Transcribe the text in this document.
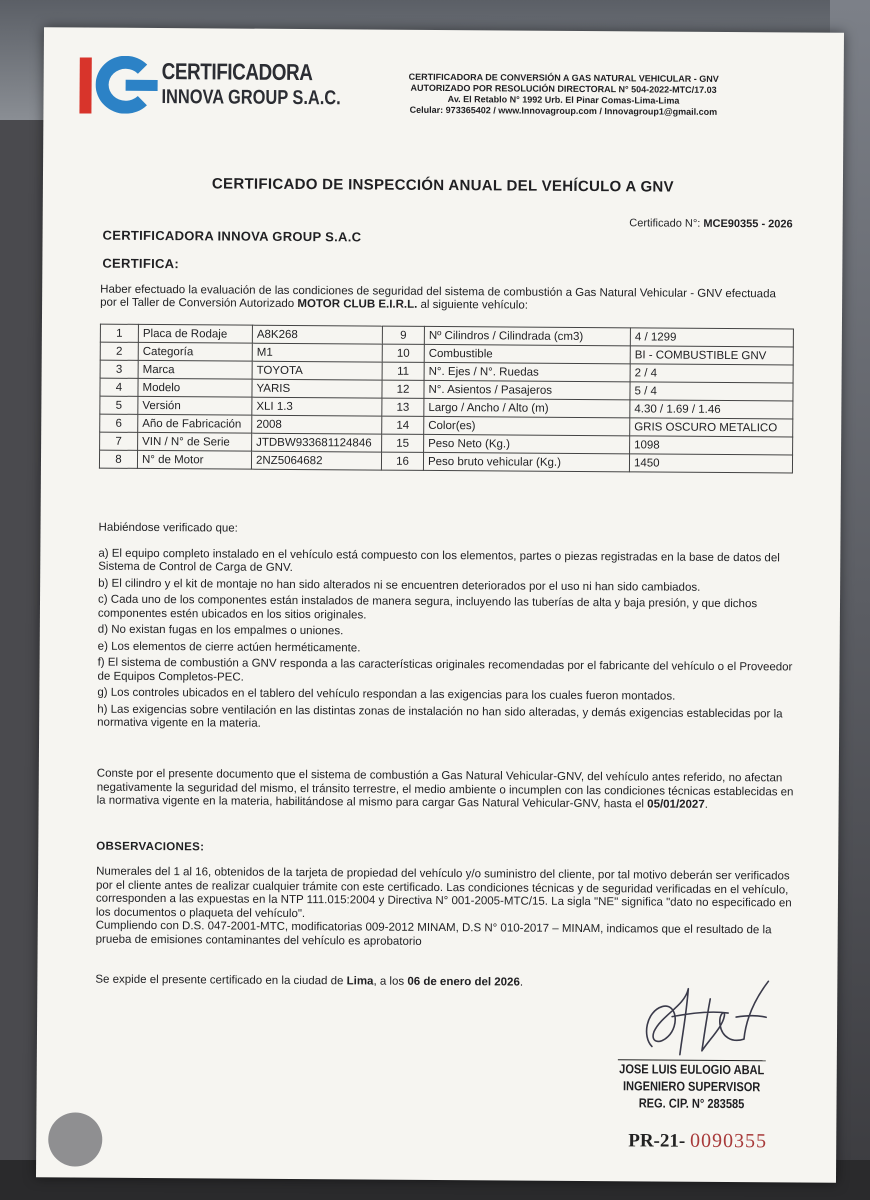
CERTIFICADORA
INNOVA GROUP S.A.C.
CERTIFICADORA DE CONVERSIÓN A GAS NATURAL VEHICULAR - GNV
AUTORIZADO POR RESOLUCIÓN DIRECTORAL N° 504-2022-MTC/17.03
Av. El Retablo N° 1992 Urb. El Pinar Comas-Lima-Lima
Celular: 973365402 / www.Innovagroup.com / Innovagroup1@gmail.com
CERTIFICADO DE INSPECCIÓN ANUAL DEL VEHÍCULO A GNV
Certificado N°: MCE90355 - 2026
CERTIFICADORA INNOVA GROUP S.A.C
CERTIFICA:
Haber efectuado la evaluación de las condiciones de seguridad del sistema de combustión a Gas Natural Vehicular - GNV efectuada por el Taller de Conversión Autorizado MOTOR CLUB E.I.R.L. al siguiente vehículo:
1	Placa de Rodaje	A8K268	9	Nº Cilindros / Cilindrada (cm3)	4 / 1299
2	Categoría	M1	10	Combustible	BI - COMBUSTIBLE GNV
3	Marca	TOYOTA	11	N°. Ejes / N°. Ruedas	2 / 4
4	Modelo	YARIS	12	N°. Asientos / Pasajeros	5 / 4
5	Versión	XLI 1.3	13	Largo / Ancho / Alto (m)	4.30 / 1.69 / 1.46
6	Año de Fabricación	2008	14	Color(es)	GRIS OSCURO METALICO
7	VIN / N° de Serie	JTDBW933681124846	15	Peso Neto (Kg.)	1098
8	N° de Motor	2NZ5064682	16	Peso bruto vehicular (Kg.)	1450

Habiéndose verificado que:

a) El equipo completo instalado en el vehículo está compuesto con los elementos, partes o piezas registradas en la base de datos del Sistema de Control de Carga de GNV.

b) El cilindro y el kit de montaje no han sido alterados ni se encuentren deteriorados por el uso ni han sido cambiados.

c) Cada uno de los componentes están instalados de manera segura, incluyendo las tuberías de alta y baja presión, y que dichos componentes estén ubicados en los sitios originales.

d) No existan fugas en los empalmes o uniones.

e) Los elementos de cierre actúen herméticamente.

f) El sistema de combustión a GNV responda a las características originales recomendadas por el fabricante del vehículo o el Proveedor de Equipos Completos-PEC.

g) Los controles ubicados en el tablero del vehículo respondan a las exigencias para los cuales fueron montados.

h) Las exigencias sobre ventilación en las distintas zonas de instalación no han sido alteradas, y demás exigencias establecidas por la normativa vigente en la materia.

Conste por el presente documento que el sistema de combustión a Gas Natural Vehicular-GNV, del vehículo antes referido, no afectan negativamente la seguridad del mismo, el tránsito terrestre, el medio ambiente o incumplen con las condiciones técnicas establecidas en la normativa vigente en la materia, habilitándose al mismo para cargar Gas Natural Vehicular-GNV, hasta el 05/01/2027.
OBSERVACIONES:

Numerales del 1 al 16, obtenidos de la tarjeta de propiedad del vehículo y/o suministro del cliente, por tal motivo deberán ser verificados por el cliente antes de realizar cualquier trámite con este certificado. Las condiciones técnicas y de seguridad verificadas en el vehículo, corresponden a las expuestas en la NTP 111.015:2004 y Directiva N° 001-2005-MTC/15. La sigla "NE" significa "dato no especificado en los documentos o plaqueta del vehículo".

Cumpliendo con D.S. 047-2001-MTC, modificatorias 009-2012 MINAM, D.S N° 010-2017 – MINAM, indicamos que el resultado de la prueba de emisiones contaminantes del vehículo es aprobatorio

Se expide el presente certificado en la ciudad de Lima, a los 06 de enero del 2026.
JOSE LUIS EULOGIO ABAL
INGENIERO SUPERVISOR
REG. CIP. N° 283585
PR-21- 0090355
